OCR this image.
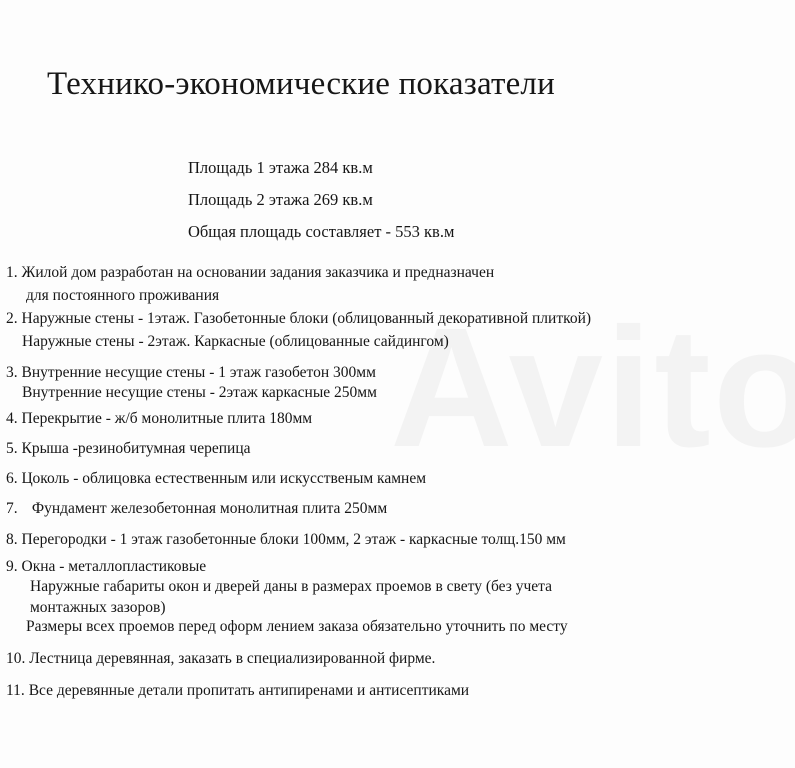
Технико-экономические показатели
Площадь 1 этажа 284 кв.м
Площадь 2 этажа 269 кв.м
Общая площадь составляет - 553 кв.м
1. Жилой дом разработан на основании задания заказчика и предназначен
для постоянного проживания
2. Наружные стены - 1этаж. Газобетонные блоки (облицованный декоративной плиткой)
Наружные стены - 2этаж. Каркасные (облицованные сайдингом)
3. Внутренние несущие стены - 1 этаж газобетон 300мм
Внутренние несущие стены - 2этаж каркасные 250мм
4. Перекрытие - ж/б монолитные плита 180мм
5. Крыша -резинобитумная черепица
6. Цоколь - облицовка естественным или искусственым камнем
7. Фундамент железобетонная монолитная плита 250мм
8. Перегородки - 1 этаж газобетонные блоки 100мм, 2 этаж - каркасные толщ.150 мм
9. Окна - металлопластиковые
Наружные габариты окон и дверей даны в размерах проемов в свету (без учета
монтажных зазоров)
Размеры всех проемов перед оформ лением заказа обязательно уточнить по месту
10. Лестница деревянная, заказать в специализированной фирме.
11. Все деревянные детали пропитать антипиренами и антисептиками
